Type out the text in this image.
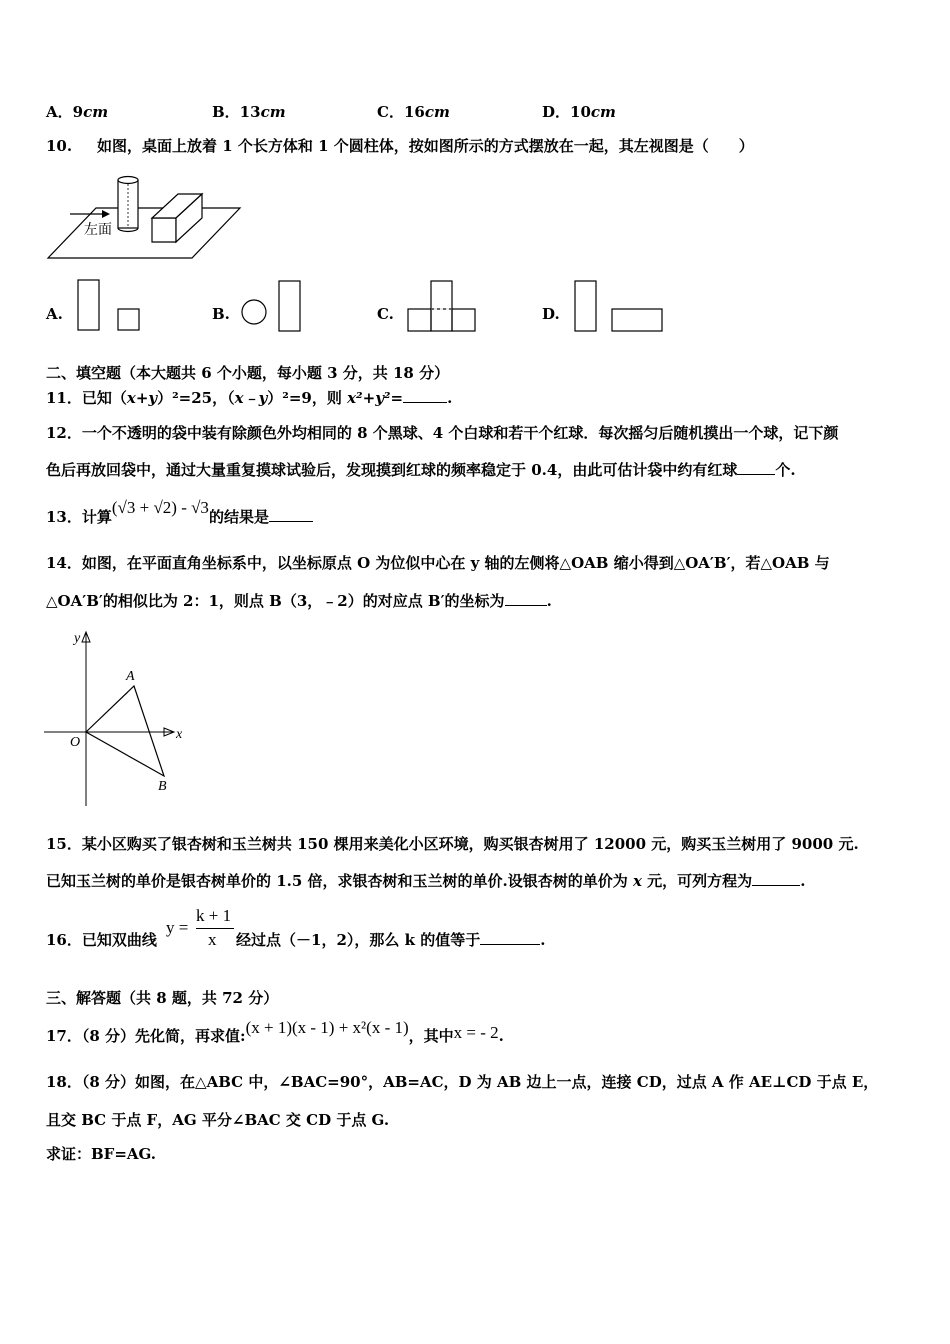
A．9cm	B．13cm	C．16cm	D．10cm
10. 如图，桌面上放着 1 个长方体和 1 个圆柱体，按如图所示的方式摆放在一起，其左视图是（　　）
左面
A.	B.	C.	D.
二、填空题（本大题共 6 个小题，每小题 3 分，共 18 分）
11．已知（x+y）²=25，（x﹣y）²=9，则 x²+y²=	.
12．一个不透明的袋中装有除颜色外均相同的 8 个黑球、4 个白球和若干个红球．每次摇匀后随机摸出一个球，记下颜
色后再放回袋中，通过大量重复摸球试验后，发现摸到红球的频率稳定于 0.4，由此可估计袋中约有红球	个.
13．计算(√3 + √2) - √3的结果是
14．如图，在平面直角坐标系中，以坐标原点 O 为位似中心在 y 轴的左侧将△OAB 缩小得到△OA′B′，若△OAB 与
△OA′B′的相似比为 2：1，则点 B（3，﹣2）的对应点 B′的坐标为	.
y
x
O
A
B
15．某小区购买了银杏树和玉兰树共 150 棵用来美化小区环境，购买银杏树用了 12000 元，购买玉兰树用了 9000 元.
已知玉兰树的单价是银杏树单价的 1.5 倍，求银杏树和玉兰树的单价.设银杏树的单价为 x 元，可列方程为	.
16．已知双曲线
y =
k + 1
x 经过点（－1，2），那么 k 的值等于	.
三、解答题（共 8 题，共 72 分）
17．（8 分）先化简，再求值:(x + 1)(x - 1) + x²(x - 1)，其中x = - 2.
18．（8 分）如图，在△ABC 中，∠BAC=90°，AB=AC，D 为 AB 边上一点，连接 CD，过点 A 作 AE⊥CD 于点 E，
且交 BC 于点 F，AG 平分∠BAC 交 CD 于点 G.
求证：BF=AG.
